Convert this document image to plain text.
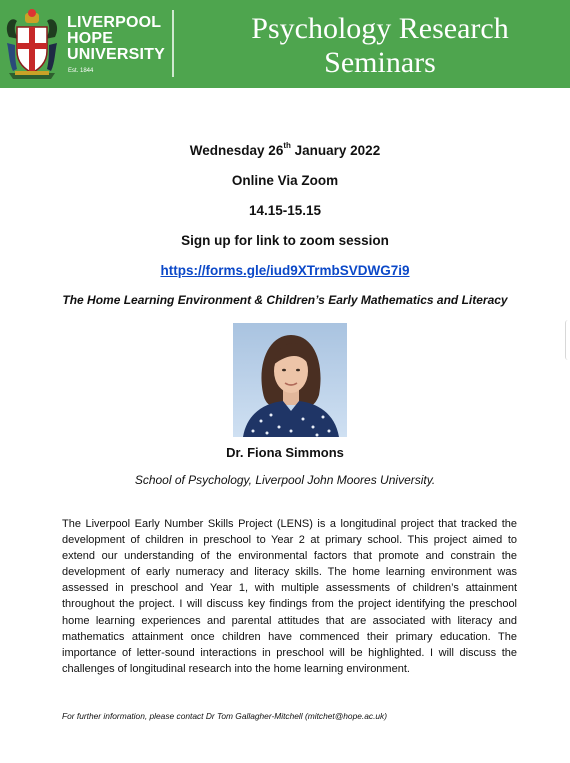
LIVERPOOL
HOPE
UNIVERSITY
Est. 1844
Psychology Research
Seminars
Wednesday 26th January 2022
Online Via Zoom
14.15-15.15
Sign up for link to zoom session
https://forms.gle/iud9XTrmbSVDWG7i9
The Home Learning Environment & Children’s Early Mathematics and Literacy
Dr. Fiona Simmons
School of Psychology, Liverpool John Moores University.
The Liverpool Early Number Skills Project (LENS) is a longitudinal project that tracked the development of children in preschool to Year 2 at primary school. This project aimed to extend our understanding of the environmental factors that promote and constrain the development of early numeracy and literacy skills. The home learning environment was assessed in preschool and Year 1, with multiple assessments of children’s attainment throughout the project. I will discuss key findings from the project identifying the preschool home learning experiences and parental attitudes that are associated with literacy and mathematics attainment once children have commenced their primary education. The importance of letter-sound interactions in preschool will be highlighted. I will discuss the challenges of longitudinal research into the home learning environment.
For further information, please contact Dr Tom Gallagher-Mitchell (mitchet@hope.ac.uk)
